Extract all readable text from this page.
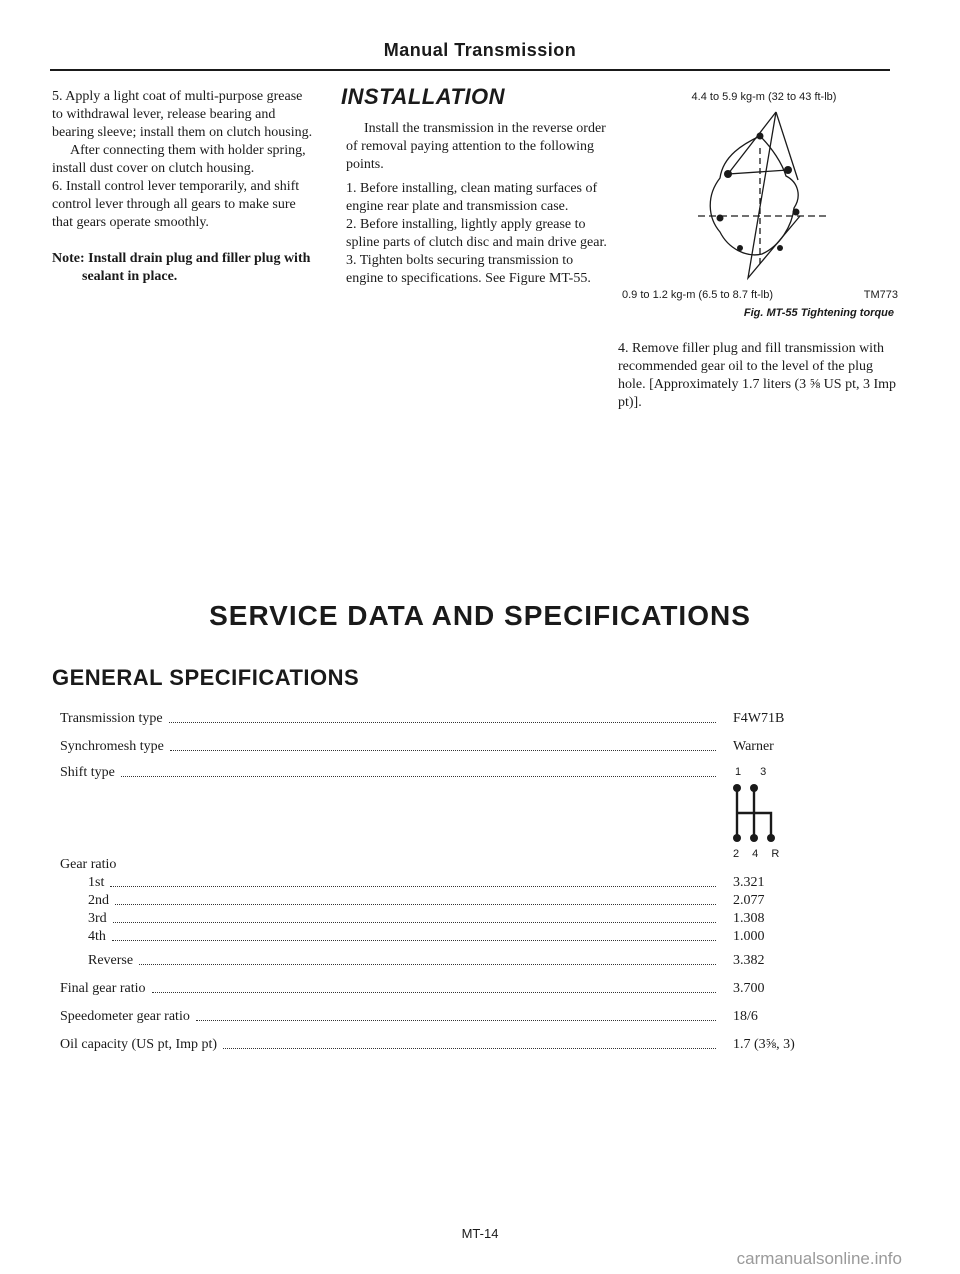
Manual Transmission

5. Apply a light coat of multi-purpose grease to withdrawal lever, release bearing and bearing sleeve; install them on clutch housing.

After connecting them with holder spring, install dust cover on clutch housing.

6. Install control lever temporarily, and shift control lever through all gears to make sure that gears operate smoothly.

Note: Install drain plug and filler plug with sealant in place.

INSTALLATION

Install the transmission in the reverse order of removal paying attention to the following points.

1. Before installing, clean mating surfaces of engine rear plate and transmission case.

2. Before installing, lightly apply grease to spline parts of clutch disc and main drive gear.

3. Tighten bolts securing transmission to engine to specifications. See Figure MT-55.

4.4 to 5.9 kg-m (32 to 43 ft-lb)
0.9 to 1.2 kg-m (6.5 to 8.7 ft-lb)	TM773
Fig. MT-55 Tightening torque

4. Remove filler plug and fill transmission with recommended gear oil to the level of the plug hole. [Approximately 1.7 liters (3 ⅝ US pt, 3 Imp pt)].

SERVICE DATA AND SPECIFICATIONS
GENERAL SPECIFICATIONS
Transmission type	F4W71B
Synchromesh type	Warner
Shift type	1 3
2 4 R
Gear ratio
1st	3.321
2nd	2.077
3rd	1.308
4th	1.000
Reverse	3.382
Final gear ratio	3.700
Speedometer gear ratio	18/6
Oil capacity (US pt, Imp pt)	1.7 (3⅝, 3)
MT-14
carmanualsonline.info
